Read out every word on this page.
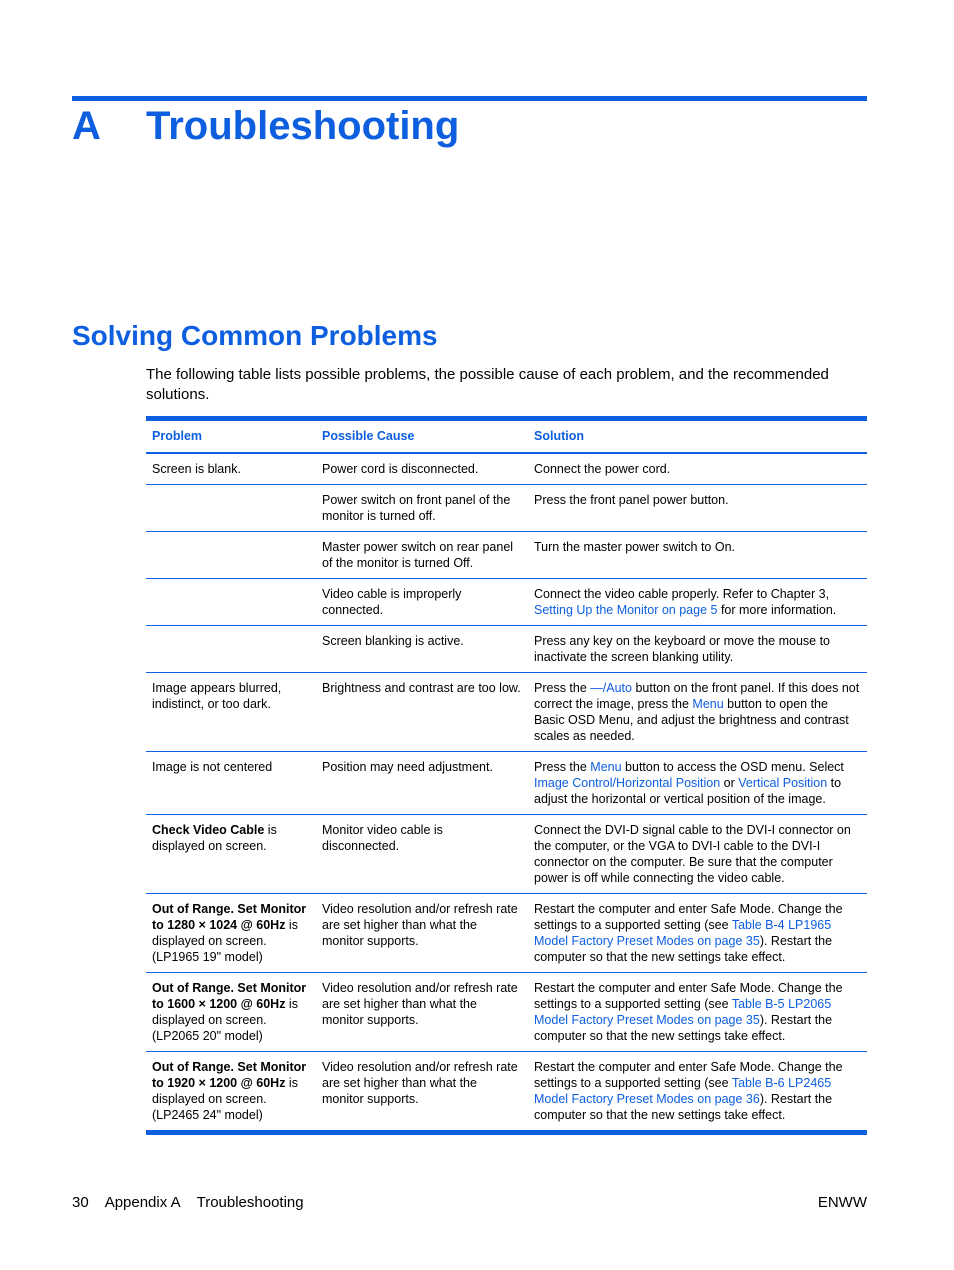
A Troubleshooting
Solving Common Problems
The following table lists possible problems, the possible cause of each problem, and the recommended solutions.
Problem	Possible Cause	Solution
Screen is blank.	Power cord is disconnected.	Connect the power cord.
	Power switch on front panel of the monitor is turned off.	Press the front panel power button.
	Master power switch on rear panel of the monitor is turned Off.	Turn the master power switch to On.
	Video cable is improperly connected.	Connect the video cable properly. Refer to Chapter 3, Setting Up the Monitor on page 5 for more information.
	Screen blanking is active.	Press any key on the keyboard or move the mouse to inactivate the screen blanking utility.
Image appears blurred, indistinct, or too dark.	Brightness and contrast are too low.	Press the —/Auto button on the front panel. If this does not correct the image, press the Menu button to open the Basic OSD Menu, and adjust the brightness and contrast scales as needed.
Image is not centered	Position may need adjustment.	Press the Menu button to access the OSD menu. Select Image Control/Horizontal Position or Vertical Position to adjust the horizontal or vertical position of the image.
Check Video Cable is displayed on screen.	Monitor video cable is disconnected.	Connect the DVI-D signal cable to the DVI-I connector on the computer, or the VGA to DVI-I cable to the DVI-I connector on the computer. Be sure that the computer power is off while connecting the video cable.
Out of Range. Set Monitor to 1280 × 1024 @ 60Hz is displayed on screen. (LP1965 19" model)	Video resolution and/or refresh rate are set higher than what the monitor supports.	Restart the computer and enter Safe Mode. Change the settings to a supported setting (see Table B-4 LP1965 Model Factory Preset Modes on page 35). Restart the computer so that the new settings take effect.
Out of Range. Set Monitor to 1600 × 1200 @ 60Hz is displayed on screen. (LP2065 20" model)	Video resolution and/or refresh rate are set higher than what the monitor supports.	Restart the computer and enter Safe Mode. Change the settings to a supported setting (see Table B-5 LP2065 Model Factory Preset Modes on page 35). Restart the computer so that the new settings take effect.
Out of Range. Set Monitor to 1920 × 1200 @ 60Hz is displayed on screen. (LP2465 24" model)	Video resolution and/or refresh rate are set higher than what the monitor supports.	Restart the computer and enter Safe Mode. Change the settings to a supported setting (see Table B-6 LP2465 Model Factory Preset Modes on page 36). Restart the computer so that the new settings take effect.
30 Appendix A Troubleshooting	ENWW
